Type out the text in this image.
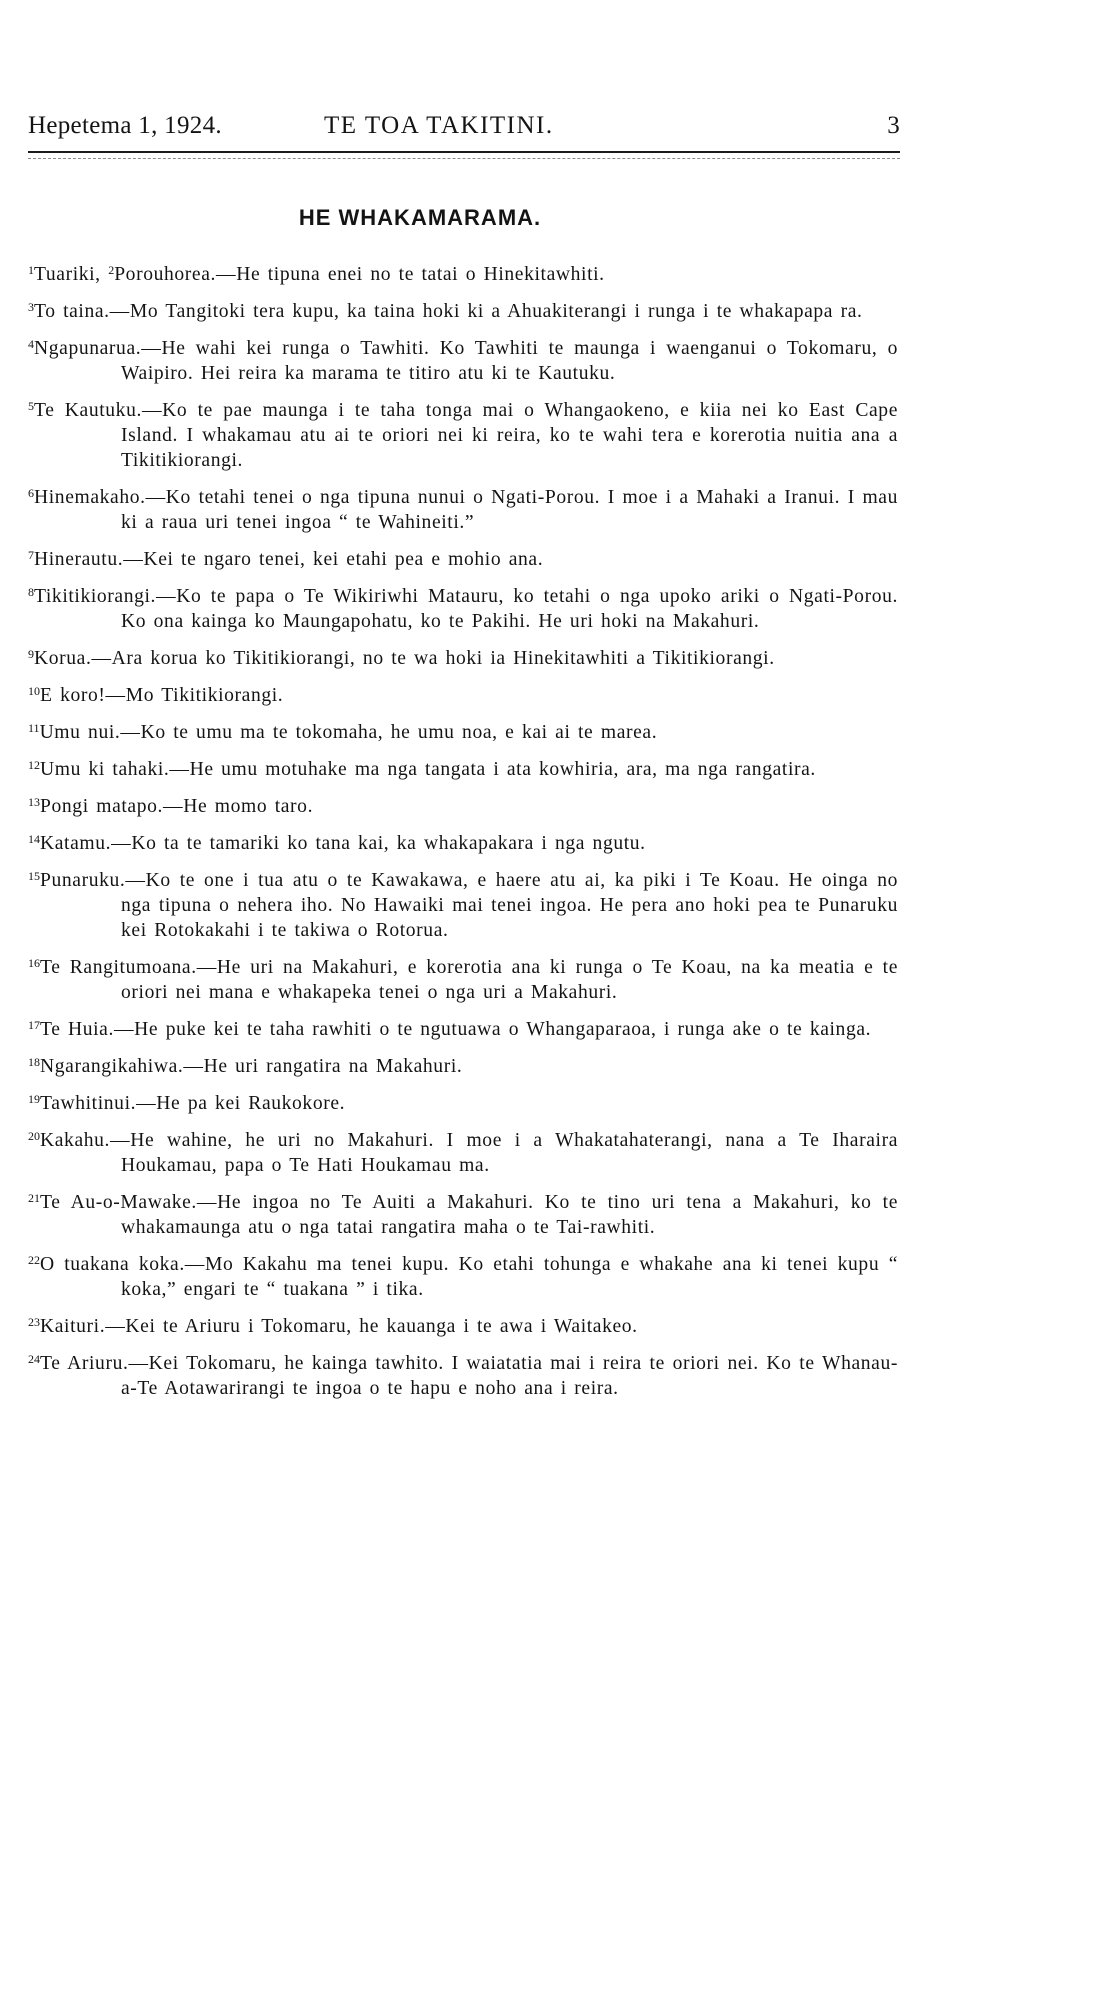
Hepetema 1, 1924.	TE TOA TAKITINI.	3
HE WHAKAMARAMA.
$^1$Tuariki, $^2$Porouhorea.—He tipuna enei no te tatai o Hinekitawhiti.
$^3$To taina.—Mo Tangitoki tera kupu, ka taina hoki ki a Ahuakiterangi i runga i te whakapapa ra.
$^4$Ngapunarua.—He wahi kei runga o Tawhiti. Ko Tawhiti te maunga i waenganui o Tokomaru, o Waipiro. Hei reira ka marama te titiro atu ki te Kautuku.
$^5$Te Kautuku.—Ko te pae maunga i te taha tonga mai o Whangaokeno, e kiia nei ko East Cape Island. I whakamau atu ai te oriori nei ki reira, ko te wahi tera e korerotia nuitia ana a Tikitikiorangi.
$^6$Hinemakaho.—Ko tetahi tenei o nga tipuna nunui o Ngati-Porou. I moe i a Mahaki a Iranui. I mau ki a raua uri tenei ingoa “ te Wahineiti.”
$^7$Hinerautu.—Kei te ngaro tenei, kei etahi pea e mohio ana.
$^8$Tikitikiorangi.—Ko te papa o Te Wikiriwhi Matauru, ko tetahi o nga upoko ariki o Ngati-Porou. Ko ona kainga ko Maungapohatu, ko te Pakihi. He uri hoki na Makahuri.
$^9$Korua.—Ara korua ko Tikitikiorangi, no te wa hoki ia Hinekitawhiti a Tikitikiorangi.
$^{10}$E koro!—Mo Tikitikiorangi.
$^{11}$Umu nui.—Ko te umu ma te tokomaha, he umu noa, e kai ai te marea.
$^{12}$Umu ki tahaki.—He umu motuhake ma nga tangata i ata kowhiria, ara, ma nga rangatira.
$^{13}$Pongi matapo.—He momo taro.
$^{14}$Katamu.—Ko ta te tamariki ko tana kai, ka whakapakara i nga ngutu.
$^{15}$Punaruku.—Ko te one i tua atu o te Kawakawa, e haere atu ai, ka piki i Te Koau. He oinga no nga tipuna o nehera iho. No Hawaiki mai tenei ingoa. He pera ano hoki pea te Punaruku kei Rotokakahi i te takiwa o Rotorua.
$^{16}$Te Rangitumoana.—He uri na Makahuri, e korerotia ana ki runga o Te Koau, na ka meatia e te oriori nei mana e whakapeka tenei o nga uri a Makahuri.
$^{17}$Te Huia.—He puke kei te taha rawhiti o te ngutuawa o Whangaparaoa, i runga ake o te kainga.
$^{18}$Ngarangikahiwa.—He uri rangatira na Makahuri.
$^{19}$Tawhitinui.—He pa kei Raukokore.
$^{20}$Kakahu.—He wahine, he uri no Makahuri. I moe i a Whakatahaterangi, nana a Te Iharaira Houkamau, papa o Te Hati Houkamau ma.
$^{21}$Te Au-o-Mawake.—He ingoa no Te Auiti a Makahuri. Ko te tino uri tena a Makahuri, ko te whakamaunga atu o nga tatai rangatira maha o te Tai-rawhiti.
$^{22}$O tuakana koka.—Mo Kakahu ma tenei kupu. Ko etahi tohunga e whakahe ana ki tenei kupu “ koka,” engari te “ tuakana ” i tika.
$^{23}$Kaituri.—Kei te Ariuru i Tokomaru, he kauanga i te awa i Waitakeo.
$^{24}$Te Ariuru.—Kei Tokomaru, he kainga tawhito. I waiatatia mai i reira te oriori nei. Ko te Whanau-a-Te Aotawarirangi te ingoa o te hapu e noho ana i reira.
